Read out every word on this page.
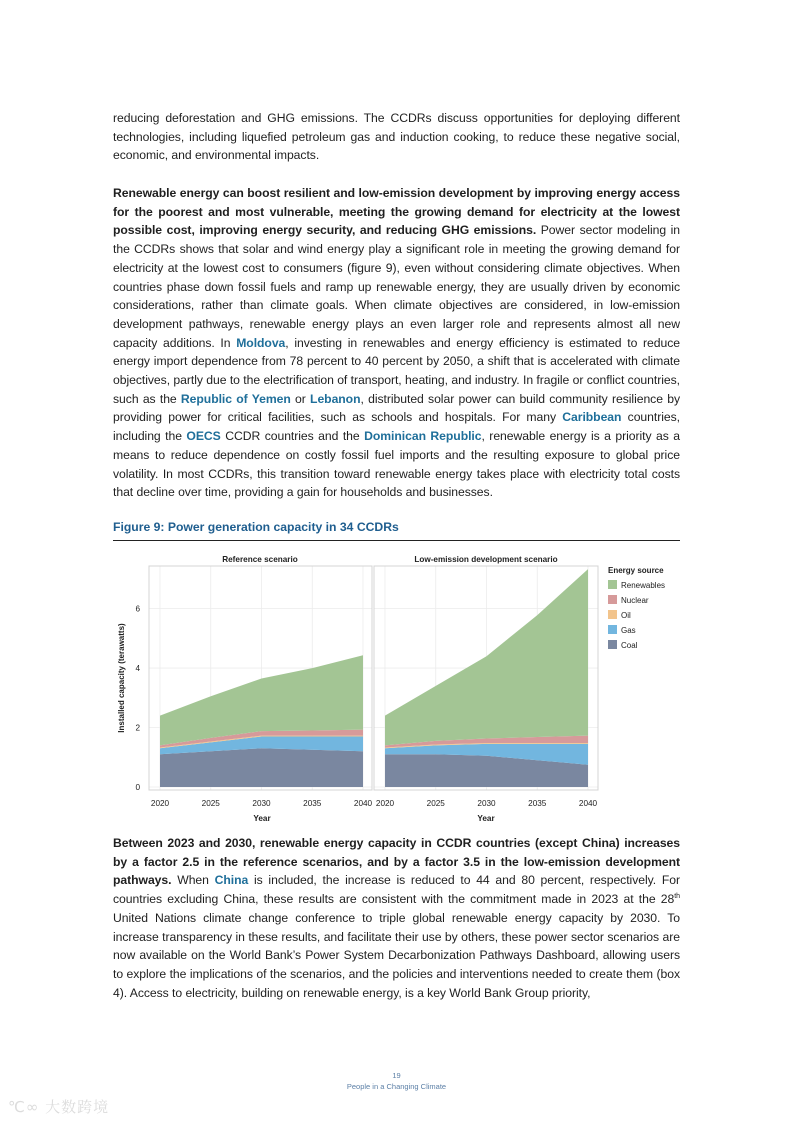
reducing deforestation and GHG emissions. The CCDRs discuss opportunities for deploying different technologies, including liquefied petroleum gas and induction cooking, to reduce these negative social, economic, and environmental impacts.

Renewable energy can boost resilient and low-emission development by improving energy access for the poorest and most vulnerable, meeting the growing demand for electricity at the lowest possible cost, improving energy security, and reducing GHG emissions. Power sector modeling in the CCDRs shows that solar and wind energy play a significant role in meeting the growing demand for electricity at the lowest cost to consumers (figure 9), even without considering climate objectives. When countries phase down fossil fuels and ramp up renewable energy, they are usually driven by economic considerations, rather than climate goals. When climate objectives are considered, in low-emission development pathways, renewable energy plays an even larger role and represents almost all new capacity additions. In Moldova, investing in renewables and energy efficiency is estimated to reduce energy import dependence from 78 percent to 40 percent by 2050, a shift that is accelerated with climate objectives, partly due to the electrification of transport, heating, and industry. In fragile or conflict countries, such as the Republic of Yemen or Lebanon, distributed solar power can build community resilience by providing power for critical facilities, such as schools and hospitals. For many Caribbean countries, including the OECS CCDR countries and the Dominican Republic, renewable energy is a priority as a means to reduce dependence on costly fossil fuel imports and the resulting exposure to global price volatility. In most CCDRs, this transition toward renewable energy takes place with electricity total costs that decline over time, providing a gain for households and businesses.

Figure 9: Power generation capacity in 34 CCDRs

Reference scenario	Low-emission development scenario
2020	2025	2030	2035	2040 2020	2025	2030	2035	2040
0
2
4
6
Installed capacity (terawatts)
Year	Year
Energy source
Renewables
Nuclear
Oil
Gas
Coal

Between 2023 and 2030, renewable energy capacity in CCDR countries (except China) increases by a factor 2.5 in the reference scenarios, and by a factor 3.5 in the low-emission development pathways. When China is included, the increase is reduced to 44 and 80 percent, respectively. For countries excluding China, these results are consistent with the commitment made in 2023 at the 28th United Nations climate change conference to triple global renewable energy capacity by 2030. To increase transparency in these results, and facilitate their use by others, these power sector scenarios are now available on the World Bank’s Power System Decarbonization Pathways Dashboard, allowing users to explore the implications of the scenarios, and the policies and interventions needed to create them (box 4). Access to electricity, building on renewable energy, is a key World Bank Group priority,

19
People in a Changing Climate
℃∞ 大数跨境
